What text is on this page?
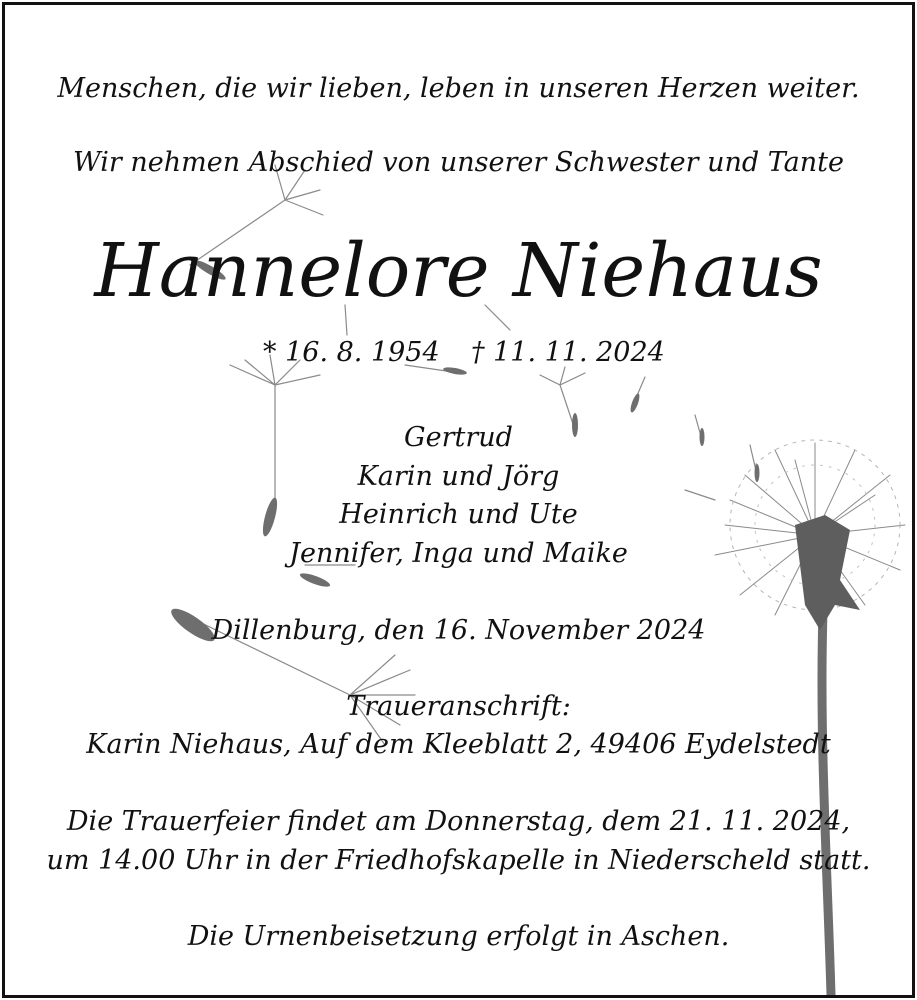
Menschen, die wir lieben, leben in unseren Herzen weiter.
Wir nehmen Abschied von unserer Schwester und Tante
Hannelore Niehaus
* 16. 8. 1954 † 11. 11. 2024
Gertrud
Karin und Jörg
Heinrich und Ute
Jennifer, Inga und Maike
Dillenburg, den 16. November 2024
Traueranschrift:
Karin Niehaus, Auf dem Kleeblatt 2, 49406 Eydelstedt
Die Trauerfeier findet am Donnerstag, dem 21. 11. 2024,
um 14.00 Uhr in der Friedhofskapelle in Niederscheld statt.
Die Urnenbeisetzung erfolgt in Aschen.
